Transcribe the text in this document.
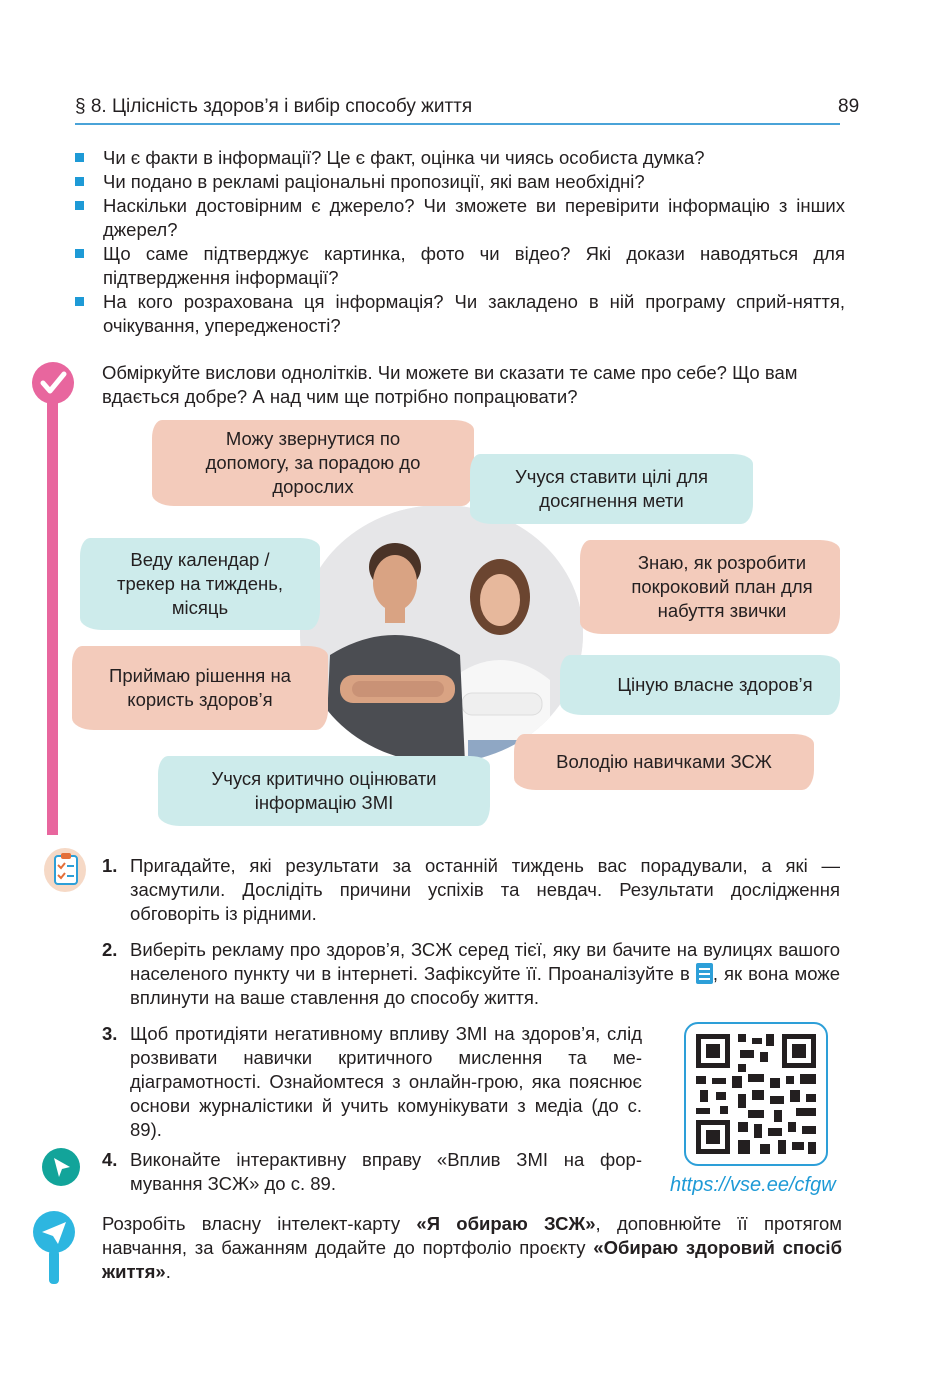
§ 8. Цілісність здоров’я і вибір способу життя	89
Чи є факти в інформації? Це є факт, оцінка чи чиясь особиста думка?
Чи подано в рекламі раціональні пропозиції, які вам необхідні?
Наскільки достовірним є джерело? Чи зможете ви перевірити інформацію з інших джерел?
Що саме підтверджує картинка, фото чи відео? Які докази наводяться для підтвердження інформації?
На кого розрахована ця інформація? Чи закладено в ній програму сприй-няття, очікування, упередженості?
Обміркуйте вислови однолітків. Чи можете ви сказати те саме про себе? Що вам вдається добре? А над чим ще потрібно попрацювати?
Можу звернутися по допомогу, за порадою до дорослих	Учуся ставити цілі для досягнення мети
Веду календар / трекер на тиждень, місяць
Знаю, як розробити покроковий план для набуття звички
Приймаю рішення на користь здоров’я
Ціную власне здоров’я
Володію навичками ЗСЖ
Учуся критично оцінювати інформацію ЗМІ
1. Пригадайте, які результати за останній тиждень вас порадували, а які — засмутили. Дослідіть причини успіхів та невдач. Результати дослідження обговоріть із рідними.
2. Виберіть рекламу про здоров’я, ЗСЖ серед тієї, яку ви бачите на вулицях вашого населеного пункту чи в інтернеті. Зафіксуйте її. Проаналізуйте в
, як вона може вплинути на ваше ставлення до способу життя.
3. Щоб протидіяти негативному впливу ЗМІ на здоров’я, слід розвивати навички критичного мислення та ме-діаграмотності. Ознайомтеся з онлайн-грою, яка пояснює основи журналістики й учить комунікувати з медіа (до с. 89).
4. Виконайте інтерактивну вправу «Вплив ЗМІ на фор-мування ЗСЖ» до с. 89.	https://vse.ee/cfgw
Розробіть власну інтелект-карту «Я обираю ЗСЖ», доповнюйте її протягом навчання, за бажанням додайте до портфоліо проєкту «Обираю здоровий спосіб життя».
